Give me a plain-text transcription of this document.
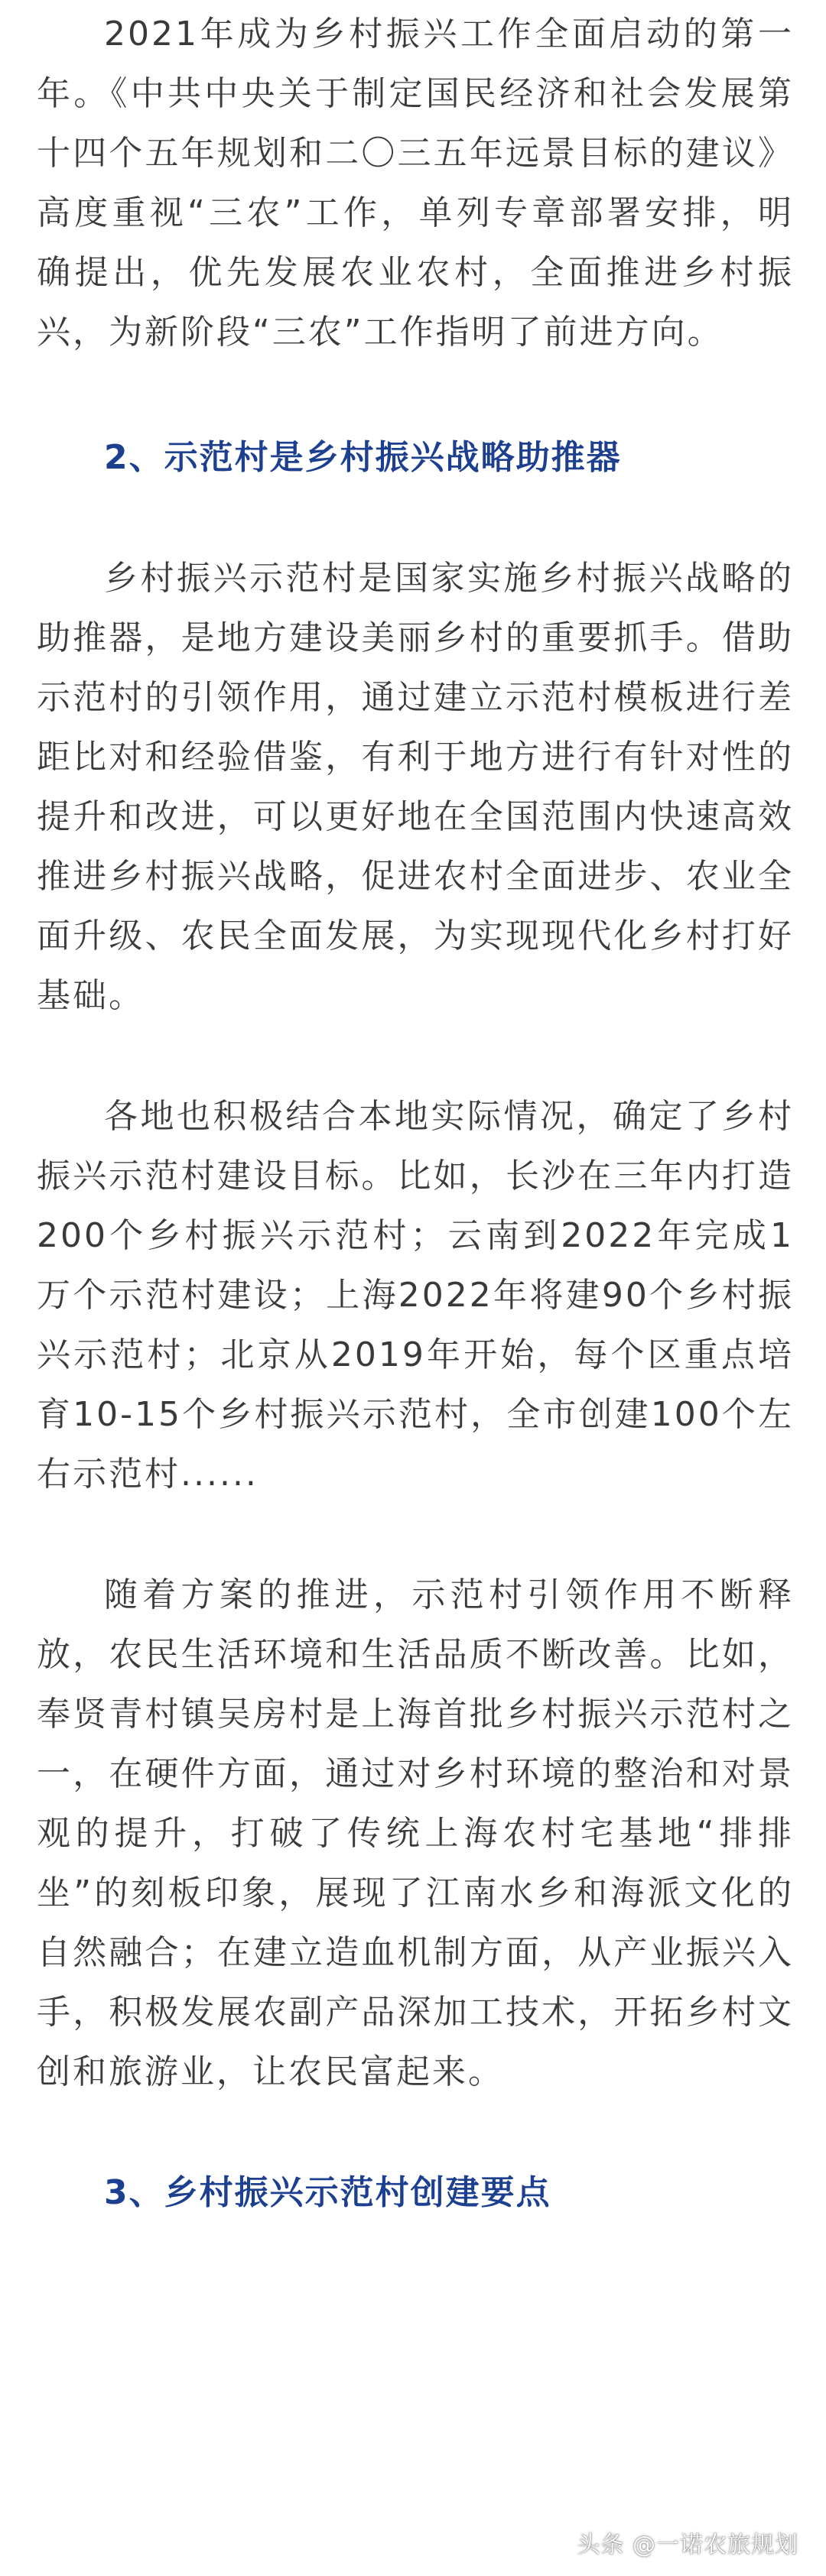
2021年成为乡村振兴工作全面启动的第一年。《中共中央关于制定国民经济和社会发展第十四个五年规划和二〇三五年远景目标的建议》高度重视“三农”工作，单列专章部署安排，明确提出，优先发展农业农村，全面推进乡村振兴，为新阶段“三农”工作指明了前进方向。

2、示范村是乡村振兴战略助推器

乡村振兴示范村是国家实施乡村振兴战略的助推器，是地方建设美丽乡村的重要抓手。借助示范村的引领作用，通过建立示范村模板进行差距比对和经验借鉴，有利于地方进行有针对性的提升和改进，可以更好地在全国范围内快速高效推进乡村振兴战略，促进农村全面进步、农业全面升级、农民全面发展，为实现现代化乡村打好基础。

各地也积极结合本地实际情况，确定了乡村振兴示范村建设目标。比如，长沙在三年内打造200个乡村振兴示范村；云南到2022年完成1万个示范村建设；上海2022年将建90个乡村振兴示范村；北京从2019年开始，每个区重点培育10-15个乡村振兴示范村，全市创建100个左右示范村......

随着方案的推进，示范村引领作用不断释放，农民生活环境和生活品质不断改善。比如，奉贤青村镇吴房村是上海首批乡村振兴示范村之一，在硬件方面，通过对乡村环境的整治和对景观的提升，打破了传统上海农村宅基地“排排坐”的刻板印象，展现了江南水乡和海派文化的自然融合；在建立造血机制方面，从产业振兴入手，积极发展农副产品深加工技术，开拓乡村文创和旅游业，让农民富起来。

3、乡村振兴示范村创建要点
头条 @一诺农旅规划
